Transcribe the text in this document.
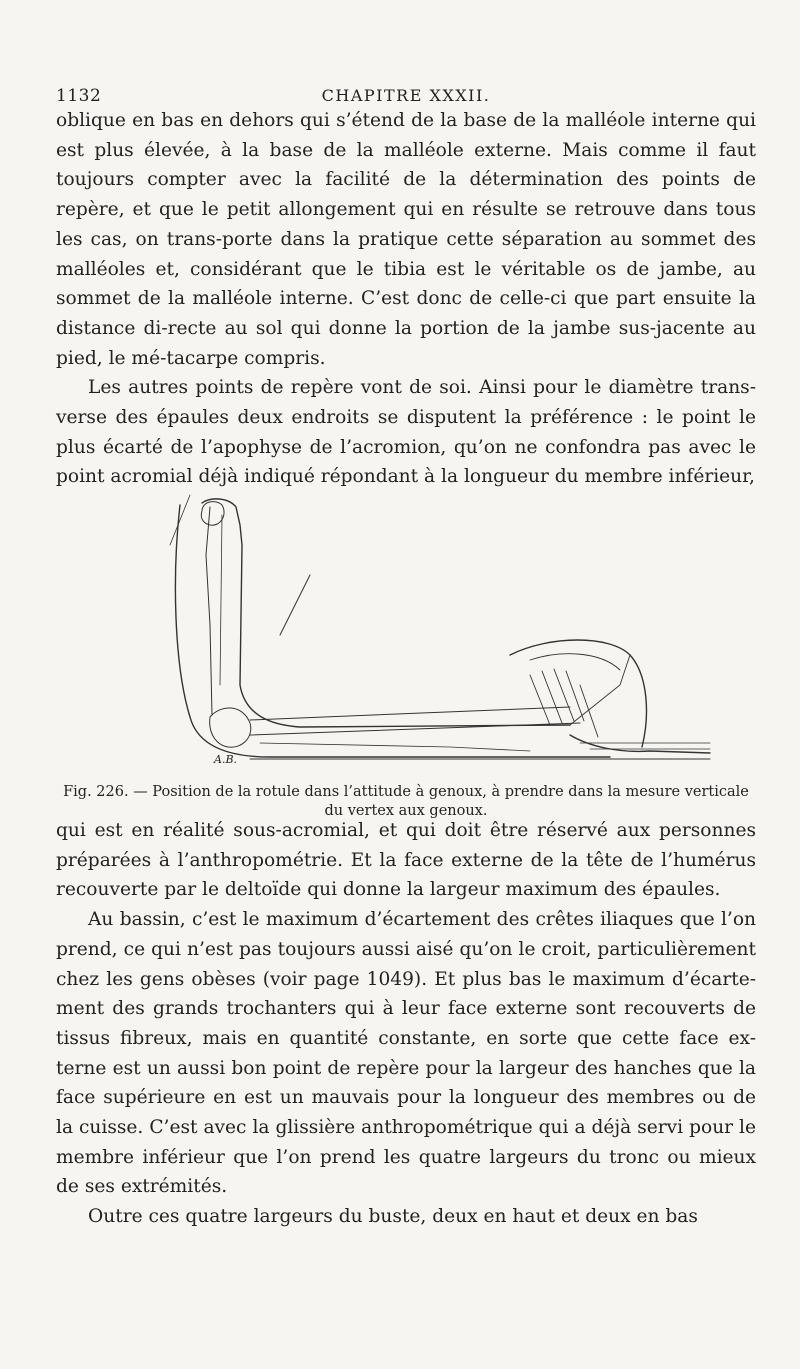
1132	CHAPITRE XXXII.

oblique en bas en dehors qui s’étend de la base de la malléole interne qui est plus élevée, à la base de la malléole externe. Mais comme il faut toujours compter avec la facilité de la détermination des points de repère, et que le petit allongement qui en résulte se retrouve dans tous les cas, on trans-porte dans la pratique cette séparation au sommet des malléoles et, considérant que le tibia est le véritable os de jambe, au sommet de la malléole interne. C’est donc de celle-ci que part ensuite la distance di-recte au sol qui donne la portion de la jambe sus-jacente au pied, le mé-tacarpe compris.

Les autres points de repère vont de soi. Ainsi pour le diamètre trans-verse des épaules deux endroits se disputent la préférence : le point le plus écarté de l’apophyse de l’acromion, qu’on ne confondra pas avec le point acromial déjà indiqué répondant à la longueur du membre inférieur,

A.B.
Fig. 226. — Position de la rotule dans l’attitude à genoux, à prendre dans la mesure verticale du vertex aux genoux.

qui est en réalité sous-acromial, et qui doit être réservé aux personnes préparées à l’anthropométrie. Et la face externe de la tête de l’humérus recouverte par le deltoïde qui donne la largeur maximum des épaules.

Au bassin, c’est le maximum d’écartement des crêtes iliaques que l’on prend, ce qui n’est pas toujours aussi aisé qu’on le croit, particulièrement chez les gens obèses (voir page 1049). Et plus bas le maximum d’écarte-ment des grands trochanters qui à leur face externe sont recouverts de tissus fibreux, mais en quantité constante, en sorte que cette face ex-terne est un aussi bon point de repère pour la largeur des hanches que la face supérieure en est un mauvais pour la longueur des membres ou de la cuisse. C’est avec la glissière anthropométrique qui a déjà servi pour le membre inférieur que l’on prend les quatre largeurs du tronc ou mieux de ses extrémités.

Outre ces quatre largeurs du buste, deux en haut et deux en bas
